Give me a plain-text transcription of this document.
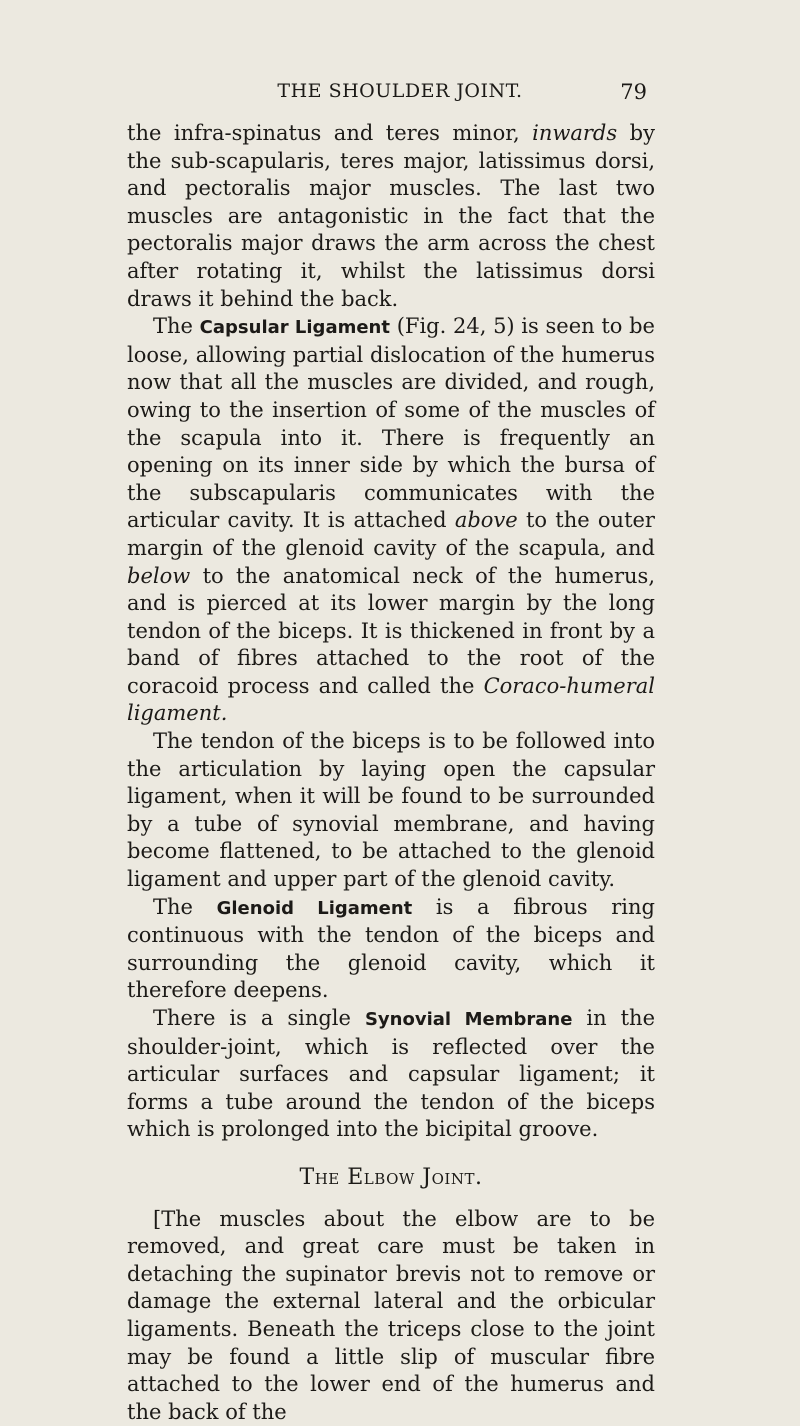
THE SHOULDER JOINT.	79

the infra-spinatus and teres minor, inwards by the sub-scapularis, teres major, latissimus dorsi, and pectoralis major muscles. The last two muscles are antagonistic in the fact that the pectoralis major draws the arm across the chest after rotating it, whilst the latissimus dorsi draws it behind the back.

The Capsular Ligament (Fig. 24, 5) is seen to be loose, allowing partial dislocation of the humerus now that all the muscles are divided, and rough, owing to the insertion of some of the muscles of the scapula into it. There is frequently an opening on its inner side by which the bursa of the subscapularis communicates with the articular cavity. It is attached above to the outer margin of the glenoid cavity of the scapula, and below to the anatomical neck of the humerus, and is pierced at its lower margin by the long tendon of the biceps. It is thickened in front by a band of fibres attached to the root of the coracoid process and called the Coraco-humeral ligament.

The tendon of the biceps is to be followed into the articulation by laying open the capsular ligament, when it will be found to be surrounded by a tube of synovial membrane, and having become flattened, to be attached to the glenoid ligament and upper part of the glenoid cavity.

The Glenoid Ligament is a fibrous ring continuous with the tendon of the biceps and surrounding the glenoid cavity, which it therefore deepens.

There is a single Synovial Membrane in the shoulder-joint, which is reflected over the articular surfaces and capsular ligament; it forms a tube around the tendon of the biceps which is prolonged into the bicipital groove.

The Elbow Joint.

[The muscles about the elbow are to be removed, and great care must be taken in detaching the supinator brevis not to remove or damage the external lateral and the orbicular ligaments. Beneath the triceps close to the joint may be found a little slip of muscular fibre attached to the lower end of the humerus and the back of the
